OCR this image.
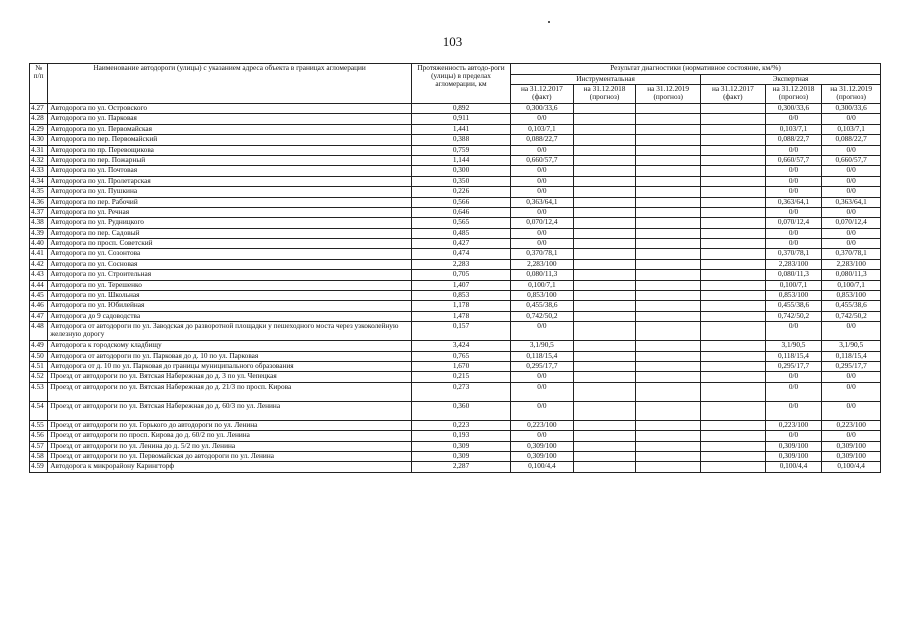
103
№ п/п	Наименование автодороги (улицы) с указанием адреса объекта в границах агломерации	Протяженность автодо-роги (улицы) в пределах агломерации, км	Результат диагностики (нормативное состояние, км/%)					
			Инструментальная			Экспертная		
			на 31.12.2017 (факт)	на 31.12.2018 (прогноз)	на 31.12.2019 (прогноз)	на 31.12.2017 (факт)	на 31.12.2018 (прогноз)	на 31.12.2019 (прогноз)
4.27	Автодорога по ул. Островского	0,892	0,300/33,6				0,300/33,6	0,300/33,6
4.28	Автодорога по ул. Парковая	0,911	0/0				0/0	0/0
4.29	Автодорога по ул. Первомайская	1,441	0,103/7,1				0,103/7,1	0,103/7,1
4.30	Автодорога по пер. Первомайский	0,388	0,088/22,7				0,088/22,7	0,088/22,7
4.31	Автодорога по пр. Перевощикова	0,759	0/0				0/0	0/0
4.32	Автодорога по пер. Пожарный	1,144	0,660/57,7				0,660/57,7	0,660/57,7
4.33	Автодорога по ул. Почтовая	0,300	0/0				0/0	0/0
4.34	Автодорога по ул. Пролетарская	0,350	0/0				0/0	0/0
4.35	Автодорога по ул. Пушкина	0,226	0/0				0/0	0/0
4.36	Автодорога по пер. Рабочий	0,566	0,363/64,1				0,363/64,1	0,363/64,1
4.37	Автодорога по ул. Речная	0,646	0/0				0/0	0/0
4.38	Автодорога по ул. Рудницкого	0,565	0,070/12,4				0,070/12,4	0,070/12,4
4.39	Автодорога по пер. Садовый	0,485	0/0				0/0	0/0
4.40	Автодорога по просп. Советский	0,427	0/0				0/0	0/0
4.41	Автодорога по ул. Созонтова	0,474	0,370/78,1				0,370/78,1	0,370/78,1
4.42	Автодорога по ул. Сосновая	2,283	2,283/100				2,283/100	2,283/100
4.43	Автодорога по ул. Строительная	0,705	0,080/11,3				0,080/11,3	0,080/11,3
4.44	Автодорога по ул. Терешенко	1,407	0,100/7,1				0,100/7,1	0,100/7,1
4.45	Автодорога по ул. Школьная	0,853	0,853/100				0,853/100	0,853/100
4.46	Автодорога по ул. Юбилейная	1,178	0,455/38,6				0,455/38,6	0,455/38,6
4.47	Автодорога до 9 садоводства	1,478	0,742/50,2				0,742/50,2	0,742/50,2
4.48	Автодорога от автодороги по ул. Заводская до разворотной площадки у пешеходного моста через узкоколейную железную дорогу	0,157	0/0				0/0	0/0
4.49	Автодорога к городскому кладбищу	3,424	3,1/90,5				3,1/90,5	3,1/90,5
4.50	Автодорога от автодороги по ул. Парковая до д. 10 по ул. Парковая	0,765	0,118/15,4				0,118/15,4	0,118/15,4
4.51	Автодорога от д. 10 по ул. Парковая до границы муниципального образования	1,670	0,295/17,7				0,295/17,7	0,295/17,7
4.52	Проезд от автодороги по ул. Вятская Набережная до д. 3 по ул. Чепецкая	0,215	0/0				0/0	0/0
4.53	Проезд от автодороги по ул. Вятская Набережная до д. 21/3 по просп. Кирова	0,273	0/0				0/0	0/0
4.54	Проезд от автодороги по ул. Вятская Набережная до д. 60/3 по ул. Ленина	0,360	0/0				0/0	0/0
4.55	Проезд от автодороги по ул. Горького до автодороги по ул. Ленина	0,223	0,223/100				0,223/100	0,223/100
4.56	Проезд от автодороги по просп. Кирова до д. 60/2 по ул. Ленина	0,193	0/0				0/0	0/0
4.57	Проезд от автодороги по ул. Ленина до д. 5/2 по ул. Ленина	0,309	0,309/100				0,309/100	0,309/100
4.58	Проезд от автодороги по ул. Первомайская до автодороги по ул. Ленина	0,309	0,309/100				0,309/100	0,309/100
4.59	Автодорога к микрорайону Карингторф	2,287	0,100/4,4				0,100/4,4	0,100/4,4
